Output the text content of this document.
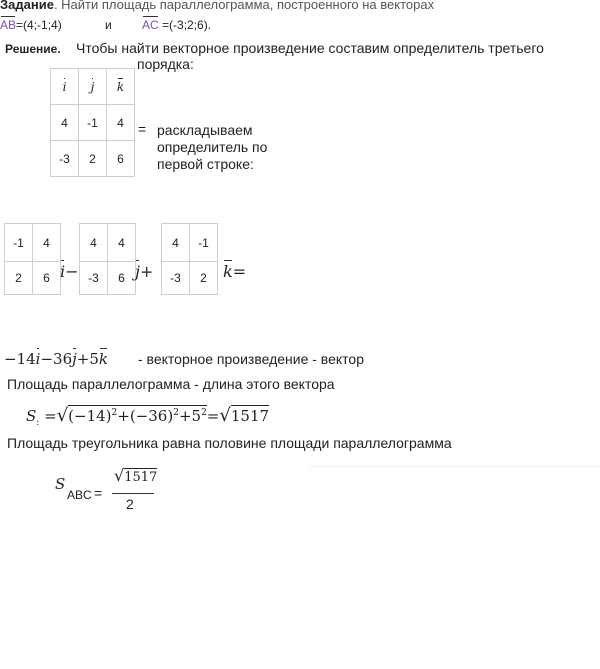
Задание. Найти площадь параллелограмма, построенного на векторах
AB=(4;-1;4)	и	AC =(-3;2;6).
Решение. Чтобы найти векторное произведение составим определитель третьего
порядка:
i	j	k
4	-1	4
-3	2	6
= раскладываем
определитель по
первой строке:
-1	4
2	6 i−
4	4
-3	6 j+
4	-1
-3	2 k=
−14i−36j+5k - векторное произведение - вектор
Площадь параллелограмма - длина этого вектора
$S_: =√(-14)^2+(-36)^2+5^2=√1517$
Площадь треугольника равна половине площади параллелограмма
S
ABC =
√1517
2
